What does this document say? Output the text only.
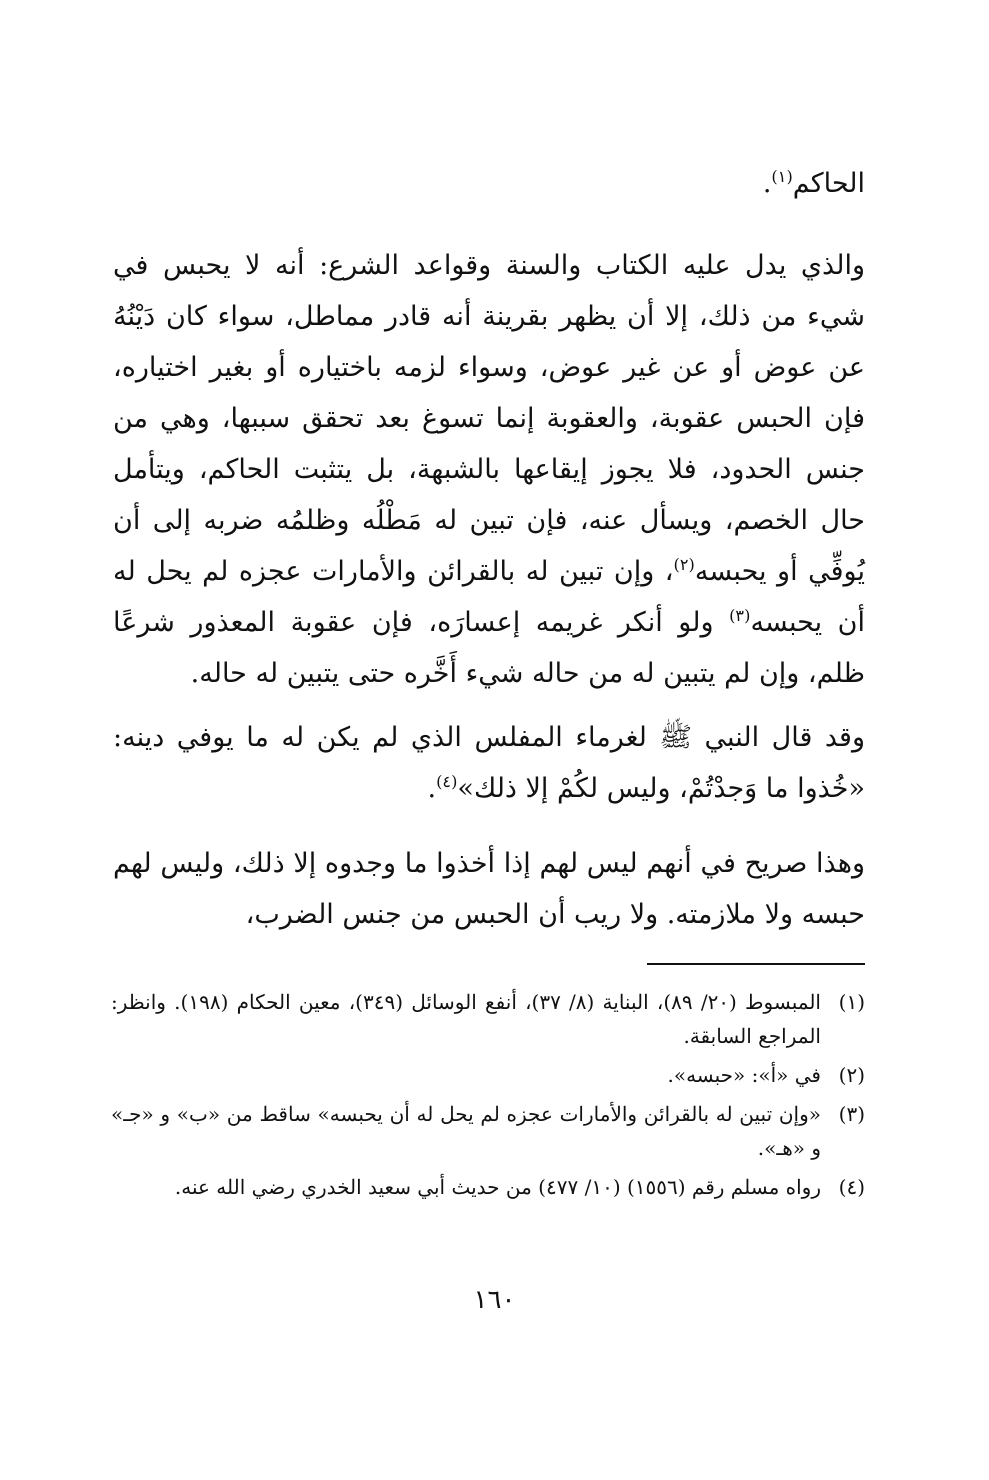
الحاكم$^{(١)}$.

والذي يدل عليه الكتاب والسنة وقواعد الشرع: أنه لا يحبس في شيء من ذلك، إلا أن يظهر بقرينة أنه قادر مماطل، سواء كان دَيْنُهُ عن عوض أو عن غير عوض، وسواء لزمه باختياره أو بغير اختياره، فإن الحبس عقوبة، والعقوبة إنما تسوغ بعد تحقق سببها، وهي من جنس الحدود، فلا يجوز إيقاعها بالشبهة، بل يتثبت الحاكم، ويتأمل حال الخصم، ويسأل عنه، فإن تبين له مَطْلُه وظلمُه ضربه إلى أن يُوفِّي أو يحبسه$^{(٢)}$، وإن تبين له بالقرائن والأمارات عجزه لم يحل له أن يحبسه$^{(٣)}$ ولو أنكر غريمه إعسارَه، فإن عقوبة المعذور شرعًا ظلم، وإن لم يتبين له من حاله شيء أَخَّره حتى يتبين له حاله.

وقد قال النبي ﷺ لغرماء المفلس الذي لم يكن له ما يوفي دينه: «خُذوا ما وَجدْتُمْ، وليس لكُمْ إلا ذلك»$^{(٤)}$.

وهذا صريح في أنهم ليس لهم إذا أخذوا ما وجدوه إلا ذلك، وليس لهم حبسه ولا ملازمته. ولا ريب أن الحبس من جنس الضرب،

(١)
المبسوط (٢٠/ ٨٩)، البناية (٨/ ٣٧)، أنفع الوسائل (٣٤٩)، معين الحكام (١٩٨). وانظر: المراجع السابقة.
(٢)
في «أ»: «حبسه».
(٣)
«وإن تبين له بالقرائن والأمارات عجزه لم يحل له أن يحبسه» ساقط من «ب» و «جـ» و «هـ».
(٤)
رواه مسلم رقم (١٥٥٦) (١٠/ ٤٧٧) من حديث أبي سعيد الخدري رضي الله عنه.
١٦٠
